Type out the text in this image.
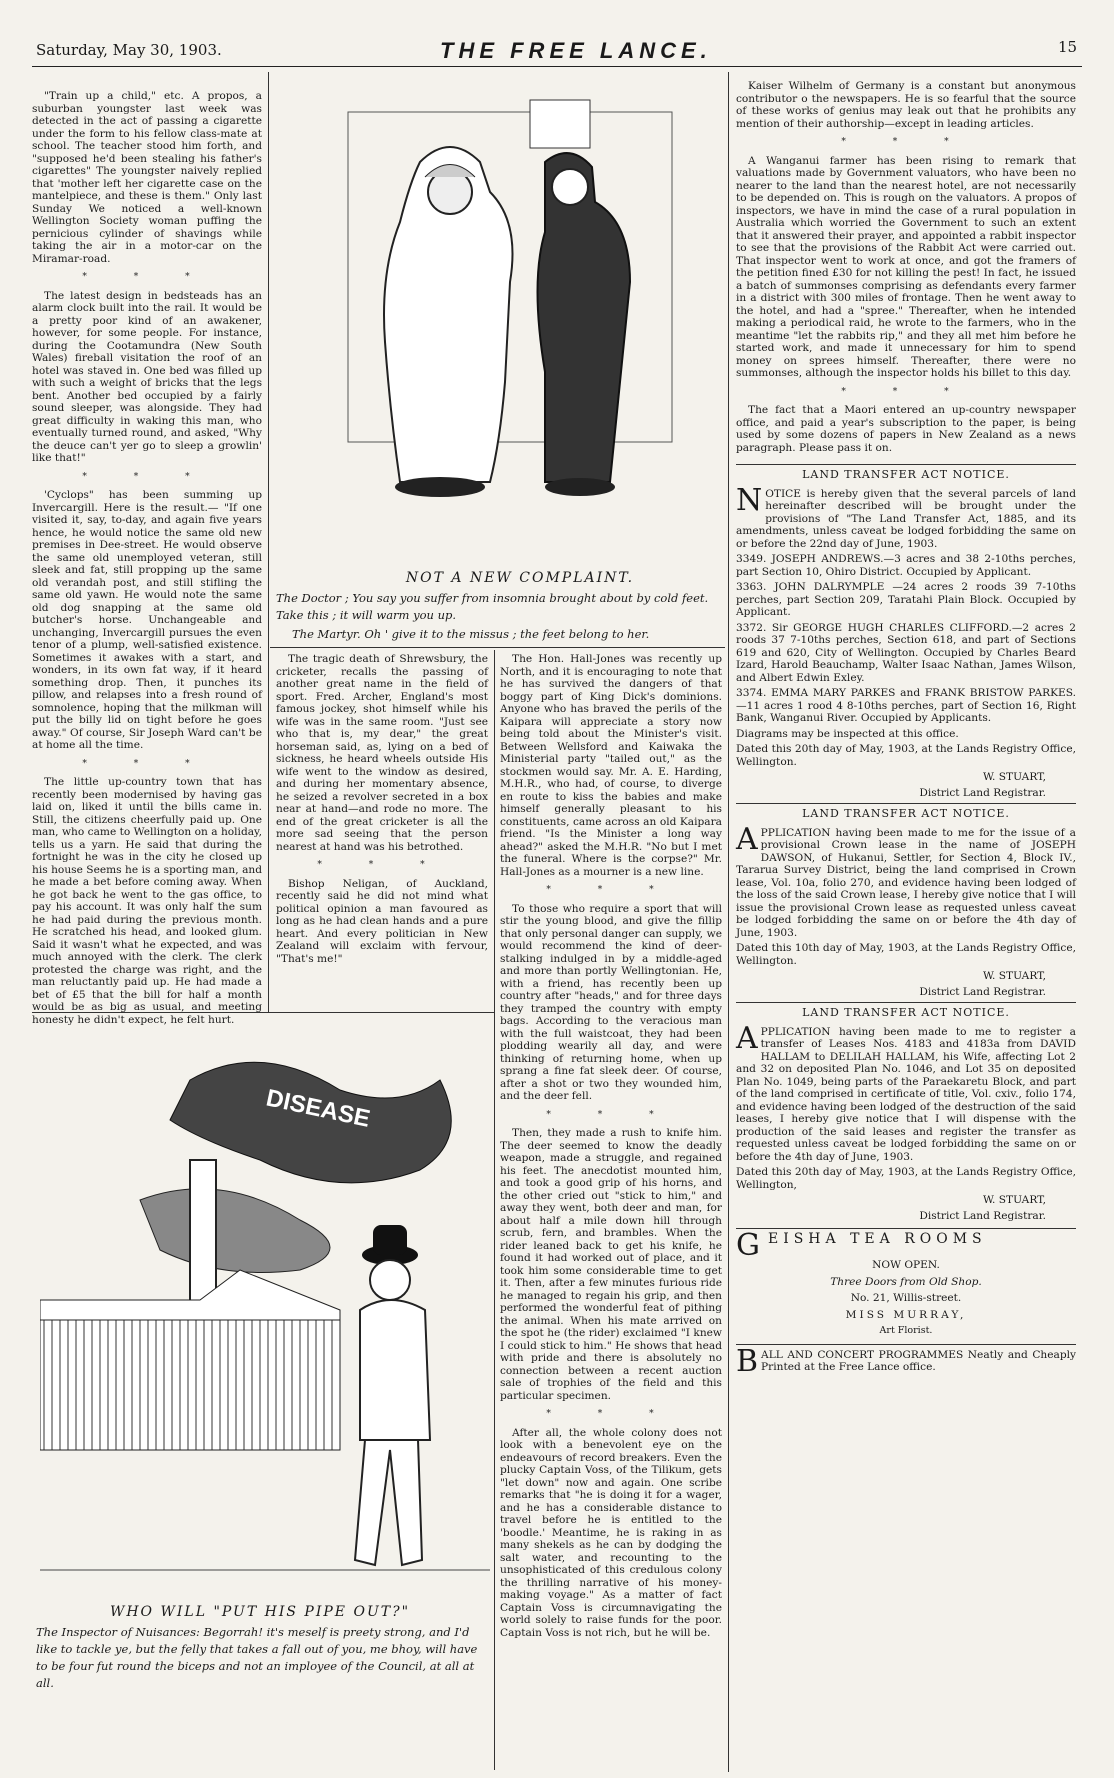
Saturday, May 30, 1903.	THE FREE LANCE.	15

"Train up a child," etc. A propos, a suburban youngster last week was detected in the act of passing a cigarette under the form to his fellow class-mate at school. The teacher stood him forth, and "supposed he'd been stealing his father's cigarettes" The youngster naively replied that 'mother left her cigarette case on the mantelpiece, and these is them." Only last Sunday We noticed a well-known Wellington Society woman puffing the pernicious cylinder of shavings while taking the air in a motor-car on the Miramar-road.

* * *

The latest design in bedsteads has an alarm clock built into the rail. It would be a pretty poor kind of an awakener, however, for some people. For instance, during the Cootamundra (New South Wales) fireball visitation the roof of an hotel was staved in. One bed was filled up with such a weight of bricks that the legs bent. Another bed occupied by a fairly sound sleeper, was alongside. They had great difficulty in waking this man, who eventually turned round, and asked, "Why the deuce can't yer go to sleep a growlin' like that!"

* * *

'Cyclops" has been summing up Invercargill. Here is the result.— "If one visited it, say, to-day, and again five years hence, he would notice the same old new premises in Dee-street. He would observe the same old unemployed veteran, still sleek and fat, still propping up the same old verandah post, and still stifling the same old yawn. He would note the same old dog snapping at the same old butcher's horse. Unchangeable and unchanging, Invercargill pursues the even tenor of a plump, well-satisfied existence. Sometimes it awakes with a start, and wonders, in its own fat way, if it heard something drop. Then, it punches its pillow, and relapses into a fresh round of somnolence, hoping that the milkman will put the billy lid on tight before he goes away." Of course, Sir Joseph Ward can't be at home all the time.

* * *

The little up-country town that has recently been modernised by having gas laid on, liked it until the bills came in. Still, the citizens cheerfully paid up. One man, who came to Wellington on a holiday, tells us a yarn. He said that during the fortnight he was in the city he closed up his house Seems he is a sporting man, and he made a bet before coming away. When he got back he went to the gas office, to pay his account. It was only half the sum he had paid during the previous month. He scratched his head, and looked glum. Said it wasn't what he expected, and was much annoyed with the clerk. The clerk protested the charge was right, and the man reluctantly paid up. He had made a bet of £5 that the bill for half a month would be as big as usual, and meeting honesty he didn't expect, he felt hurt.

NOT A NEW COMPLAINT.
The Doctor ; You say you suffer from insomnia brought about by cold feet. Take this ; it will warm you up.
The Martyr. Oh ' give it to the missus ; the feet belong to her.

The tragic death of Shrewsbury, the cricketer, recalls the passing of another great name in the field of sport. Fred. Archer, England's most famous jockey, shot himself while his wife was in the same room. "Just see who that is, my dear," the great horseman said, as, lying on a bed of sickness, he heard wheels outside His wife went to the window as desired, and during her momentary absence, he seized a revolver secreted in a box near at hand—and rode no more. The end of the great cricketer is all the more sad seeing that the person nearest at hand was his betrothed.

* * *

Bishop Neligan, of Auckland, recently said he did not mind what political opinion a man favoured as long as he had clean hands and a pure heart. And every politician in New Zealand will exclaim with fervour, "That's me!"

The Hon. Hall-Jones was recently up North, and it is encouraging to note that he has survived the dangers of that boggy part of King Dick's dominions. Anyone who has braved the perils of the Kaipara will appreciate a story now being told about the Minister's visit. Between Wellsford and Kaiwaka the Ministerial party "tailed out," as the stockmen would say. Mr. A. E. Harding, M.H.R., who had, of course, to diverge en route to kiss the babies and make himself generally pleasant to his constituents, came across an old Kaipara friend. "Is the Minister a long way ahead?" asked the M.H.R. "No but I met the funeral. Where is the corpse?" Mr. Hall-Jones as a mourner is a new line.

* * *

To those who require a sport that will stir the young blood, and give the fillip that only personal danger can supply, we would recommend the kind of deer-stalking indulged in by a middle-aged and more than portly Wellingtonian. He, with a friend, has recently been up country after "heads," and for three days they tramped the country with empty bags. According to the veracious man with the full waistcoat, they had been plodding wearily all day, and were thinking of returning home, when up sprang a fine fat sleek deer. Of course, after a shot or two they wounded him, and the deer fell.

* * *

Then, they made a rush to knife him. The deer seemed to know the deadly weapon, made a struggle, and regained his feet. The anecdotist mounted him, and took a good grip of his horns, and the other cried out "stick to him," and away they went, both deer and man, for about half a mile down hill through scrub, fern, and brambles. When the rider leaned back to get his knife, he found it had worked out of place, and it took him some considerable time to get it. Then, after a few minutes furious ride he managed to regain his grip, and then performed the wonderful feat of pithing the animal. When his mate arrived on the spot he (the rider) exclaimed "I knew I could stick to him." He shows that head with pride and there is absolutely no connection between a recent auction sale of trophies of the field and this particular specimen.

* * *

After all, the whole colony does not look with a benevolent eye on the endeavours of record breakers. Even the plucky Captain Voss, of the Tilikum, gets "let down" now and again. One scribe remarks that "he is doing it for a wager, and he has a considerable distance to travel before he is entitled to the 'boodle.' Meantime, he is raking in as many shekels as he can by dodging the salt water, and recounting to the unsophisticated of this credulous colony the thrilling narrative of his money-making voyage." As a matter of fact Captain Voss is circumnavigating the world solely to raise funds for the poor. Captain Voss is not rich, but he will be.

DISEASE
WHO WILL "PUT HIS PIPE OUT?"
The Inspector of Nuisances: Begorrah! it's meself is preety strong, and I'd like to tackle ye, but the felly that takes a fall out of you, me bhoy, will have to be four fut round the biceps and not an imployee of the Council, at all at all.

Kaiser Wilhelm of Germany is a constant but anonymous contributor o the newspapers. He is so fearful that the source of these works of genius may leak out that he prohibits any mention of their authorship—except in leading articles.

* * *

A Wanganui farmer has been rising to remark that valuations made by Government valuators, who have been no nearer to the land than the nearest hotel, are not necessarily to be depended on. This is rough on the valuators. A propos of inspectors, we have in mind the case of a rural population in Australia which worried the Government to such an extent that it answered their prayer, and appointed a rabbit inspector to see that the provisions of the Rabbit Act were carried out. That inspector went to work at once, and got the framers of the petition fined £30 for not killing the pest! In fact, he issued a batch of summonses comprising as defendants every farmer in a district with 300 miles of frontage. Then he went away to the hotel, and had a "spree." Thereafter, when he intended making a periodical raid, he wrote to the farmers, who in the meantime "let the rabbits rip," and they all met him before he started work, and made it unnecessary for him to spend money on sprees himself. Thereafter, there were no summonses, although the inspector holds his billet to this day.

* * *

The fact that a Maori entered an up-country newspaper office, and paid a year's subscription to the paper, is being used by some dozens of papers in New Zealand as a news paragraph. Please pass it on.

LAND TRANSFER ACT NOTICE.

NOTICE is hereby given that the several parcels of land hereinafter described will be brought under the provisions of "The Land Transfer Act, 1885, and its amendments, unless caveat be lodged forbidding the same on or before the 22nd day of June, 1903.

3349. JOSEPH ANDREWS.—3 acres and 38 2-10ths perches, part Section 10, Ohiro District. Occupied by Applicant.

3363. JOHN DALRYMPLE —24 acres 2 roods 39 7-10ths perches, part Section 209, Taratahi Plain Block. Occupied by Applicant.

3372. Sir GEORGE HUGH CHARLES CLIFFORD.—2 acres 2 roods 37 7-10ths perches, Section 618, and part of Sections 619 and 620, City of Wellington. Occupied by Charles Beard Izard, Harold Beauchamp, Walter Isaac Nathan, James Wilson, and Albert Edwin Exley.

3374. EMMA MARY PARKES and FRANK BRISTOW PARKES.—11 acres 1 rood 4 8-10ths perches, part of Section 16, Right Bank, Wanganui River. Occupied by Applicants.

Diagrams may be inspected at this office.

Dated this 20th day of May, 1903, at the Lands Registry Office, Wellington.

W. STUART,

District Land Registrar.

LAND TRANSFER ACT NOTICE.

APPLICATION having been made to me for the issue of a provisional Crown lease in the name of JOSEPH DAWSON, of Hukanui, Settler, for Section 4, Block IV., Tararua Survey District, being the land comprised in Crown lease, Vol. 10a, folio 270, and evidence having been lodged of the loss of the said Crown lease, I hereby give notice that I will issue the provisional Crown lease as requested unless caveat be lodged forbidding the same on or before the 4th day of June, 1903.

Dated this 10th day of May, 1903, at the Lands Registry Office, Wellington.

W. STUART,

District Land Registrar.

LAND TRANSFER ACT NOTICE.

APPLICATION having been made to me to register a transfer of Leases Nos. 4183 and 4183a from DAVID HALLAM to DELILAH HALLAM, his Wife, affecting Lot 2 and 32 on deposited Plan No. 1046, and Lot 35 on deposited Plan No. 1049, being parts of the Paraekaretu Block, and part of the land comprised in certificate of title, Vol. cxiv., folio 174, and evidence having been lodged of the destruction of the said leases, I hereby give notice that I will dispense with the production of the said leases and register the transfer as requested unless caveat be lodged forbidding the same on or before the 4th day of June, 1903.

Dated this 20th day of May, 1903, at the Lands Registry Office, Wellington,

W. STUART,

District Land Registrar.

GEISHA TEA ROOMS
NOW OPEN.
Three Doors from Old Shop.
No. 21, Willis-street.
MISS MURRAY,
Art Florist.
BALL AND CONCERT PROGRAMMES Neatly and Cheaply Printed at the Free Lance office.
